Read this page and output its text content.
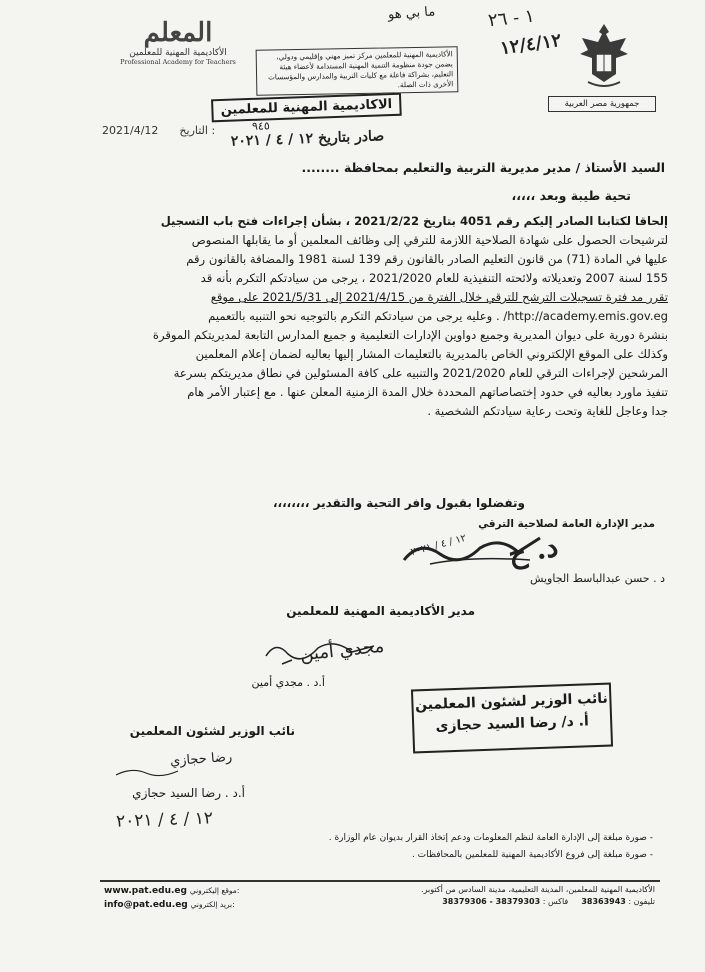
ما بي هو	١ - ٢٦
١٢/٤/١٢
المعلم
الأكاديمية المهنية للمعلمين
Professional Academy for Teachers
الأكاديمية المهنية للمعلمين مركز تميز مهني وإقليمي ودولي، يضمن جودة منظومة التنمية المهنية المستدامة لأعضاء هيئة التعليم، بشراكة فاعلة مع كليات التربية والمدارس والمؤسسات الأخرى ذات الصلة.
جمهورية مصر العربية
2021/4/12 التاريخ :
الاكاديمية المهنية للمعلمين
٩٤٥
صادر بتاريخ ١٢ / ٤ / ٢٠٢١
السيد الأستاذ / مدير مديرية التربية والتعليم بمحافظة ........
تحية طيبة وبعد ،،،،،
إلحاقا لكتابنا الصادر إليكم رقم 4051 بتاريخ 2021/2/22 ، بشأن إجراءات فتح باب التسجيل
لترشيحات الحصول على شهادة الصلاحية اللازمة للترقي إلى وظائف المعلمين أو ما يقابلها المنصوص
عليها في المادة (71) من قانون التعليم الصادر بالقانون رقم 139 لسنة 1981 والمضافة بالقانون رقم
155 لسنة 2007 وتعديلاته ولائحته التنفيذية للعام 2021/2020 ، يرجى من سيادتكم التكرم بأنه قد
تقرر مد فترة تسجيلات الترشح للترقي خلال الفترة من 2021/4/15 إلى 2021/5/31 على موقع
http://academy.emis.gov.eg/ . وعليه يرجى من سيادتكم التكرم بالتوجيه نحو التنبيه بالتعميم
بنشرة دورية على ديوان المديرية وجميع دواوين الإدارات التعليمية و جميع المدارس التابعة لمديريتكم الموقرة
وكذلك على الموقع الإلكتروني الخاص بالمديرية بالتعليمات المشار إليها بعاليه لضمان إعلام المعلمين
المرشحين لإجراءات الترقي للعام 2021/2020 والتنبيه على كافة المسئولين في نطاق مديريتكم بسرعة
تنفيذ ماورد بعاليه في حدود إختصاصاتهم المحددة خلال المدة الزمنية المعلن عنها . مع إعتبار الأمر هام
جدا وعاجل للغاية وتحت رعاية سيادتكم الشخصية .
وتفضلوا بقبول وافر التحية والتقدير ،،،،،،،،
مدير الإدارة العامة لصلاحية الترقي
د. ح
١٢ / ٤ / ٢٠٢١
د . حسن عبدالباسط الجاويش
مدير الأكاديمية المهنية للمعلمين
مجدي أمين
أ.د . مجدي أمين
نائب الوزير لشئون المعلمين
أ. د/ رضا السيد حجازى
نائب الوزير لشئون المعلمين
رضا حجازي
أ.د . رضا السيد حجازي
١٢ / ٤ / ٢٠٢١
- صورة مبلغة إلى الإدارة العامة لنظم المعلومات ودعم إتخاذ القرار بديوان عام الوزارة .
- صورة مبلغة إلى فروع الأكاديمية المهنية للمعلمين بالمحافظات .
www.pat.edu.eg موقع إليكتروني:
info@pat.edu.eg بريد إلكتروني:
الأكاديمية المهنية للمعلمين، المدينة التعليمية، مدينة السادس من أكتوبر.
تليفون : 38363943  فاكس : 38379303 - 38379306
